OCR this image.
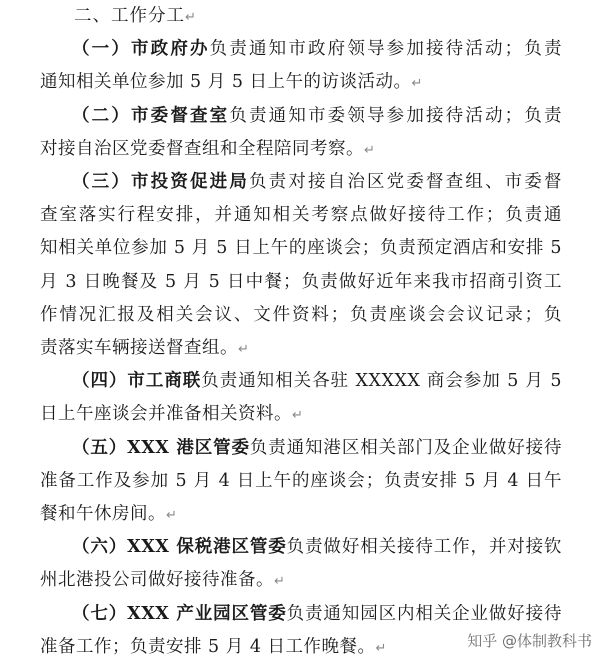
二、工作分工↵
（一）市政府办负责通知市政府领导参加接待活动；负责
通知相关单位参加 5 月 5 日上午的访谈活动。↵
（二）市委督查室负责通知市委领导参加接待活动；负责
对接自治区党委督查组和全程陪同考察。↵
（三）市投资促进局负责对接自治区党委督查组、市委督
查室落实行程安排，并通知相关考察点做好接待工作；负责通
知相关单位参加 5 月 5 日上午的座谈会；负责预定酒店和安排 5
月 3 日晚餐及 5 月 5 日中餐；负责做好近年来我市招商引资工
作情况汇报及相关会议、文件资料；负责座谈会会议记录；负
责落实车辆接送督查组。↵
（四）市工商联负责通知相关各驻 XXXXX 商会参加 5 月 5
日上午座谈会并准备相关资料。↵
（五）XXX 港区管委负责通知港区相关部门及企业做好接待
准备工作及参加 5 月 4 日上午的座谈会；负责安排 5 月 4 日午
餐和午休房间。↵
（六）XXX 保税港区管委负责做好相关接待工作，并对接钦
州北港投公司做好接待准备。↵
（七）XXX 产业园区管委负责通知园区内相关企业做好接待
准备工作；负责安排 5 月 4 日工作晚餐。↵	知乎 @体制教科书
